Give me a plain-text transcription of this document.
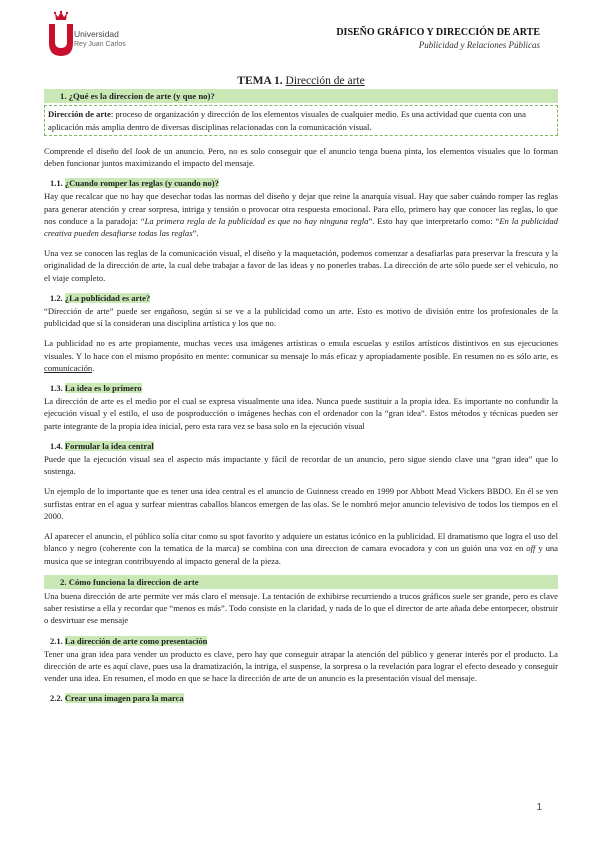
Universidad
Rey Juan Carlos
DISEÑO GRÁFICO Y DIRECCIÓN DE ARTE
Publicidad y Relaciones Públicas
TEMA 1. Dirección de arte
1. ¿Qué es la direccion de arte (y que no)?
Dirección de arte: proceso de organización y dirección de los elementos visuales de cualquier medio. Es una actividad que cuenta con una aplicación más amplia dentro de diversas disciplinas relacionadas con la comunicación visual.

Comprende el diseño del look de un anuncio. Pero, no es solo conseguir que el anuncio tenga buena pinta, los elementos visuales que lo forman deben funcionar juntos maximizando el impacto del mensaje.

1.1. ¿Cuando romper las reglas (y cuando no)?

Hay que recalcar que no hay que desechar todas las normas del diseño y dejar que reine la anarquía visual. Hay que saber cuándo romper las reglas para generar atención y crear sorpresa, intriga y tensión o provocar otra respuesta emocional. Para ello, primero hay que conocer las reglas, lo que nos conduce a la paradoja: “La primera regla de la publicidad es que no hay ninguna regla”. Esto hay que interpretarlo como: “En la publicidad creativa pueden desafiarse todas las reglas”.

Una vez se conocen las reglas de la comunicación visual, el diseño y la maquetación, podemos comenzar a desafiarlas para preservar la frescura y la originalidad de la dirección de arte, la cual debe trabajar a favor de las ideas y no ponerles trabas. La dirección de arte sólo puede ser el vehiculo, no el viaje completo.

1.2. ¿La publicidad es arte?

“Dirección de arte” puede ser engañoso, según si se ve a la publicidad como un arte. Esto es motivo de división entre los profesionales de la publicidad que sí la consideran una disciplina artística y los que no.

La publicidad no es arte propiamente, muchas veces usa imágenes artísticas o emula escuelas y estilos artísticos distintivos en sus ejecuciones visuales. Y lo hace con el mismo propósito en mente: comunicar su mensaje lo más eficaz y apropiadamente posible. En resumen no es sólo arte, es comunicación.

1.3. La idea es lo primero

La dirección de arte es el medio por el cual se expresa visualmente una idea. Nunca puede sustituir a la propia idea. Es importante no confundir la ejecución visual y el estilo, el uso de posproducción o imágenes hechas con el ordenador con la “gran idea”. Estos métodos y técnicas pueden ser parte integrante de la propia idea inicial, pero esta rara vez se basa solo en la ejecución visual

1.4. Formular la idea central

Puede que la ejecución visual sea el aspecto más impactante y fácil de recordar de un anuncio, pero sigue siendo clave una “gran idea” que lo sostenga.

Un ejemplo de lo importante que es tener una idea central es el anuncio de Guinness creado en 1999 por Abbott Mead Vickers BBDO. En él se ven surfistas entrar en el agua y surfear mientras caballos blancos emergen de las olas. Se le nombró mejor anuncio televisivo de todos los tiempos en el 2000.

Al aparecer el anuncio, el público solía citar como su spot favorito y adquiere un estatus icónico en la publicidad. El dramatismo que logra el uso del blanco y negro (coherente con la tematica de la marca) se combina con una direccion de camara evocadora y con un guión una voz en off y una musica que se integran contribuyendo al impacto general de la pieza.

2. Cómo funciona la direccion de arte

Una buena dirección de arte permite ver más claro el mensaje. La tentación de exhibirse recurriendo a trucos gráficos suele ser grande, pero es clave saber resistirse a ella y recordar que “menos es más”. Todo consiste en la claridad, y nada de lo que el director de arte añada debe entorpecer, obstruir o desvirtuar ese mensaje

2.1. La dirección de arte como presentación

Tener una gran idea para vender un producto es clave, pero hay que conseguir atrapar la atención del público y generar interés por el producto. La dirección de arte es aquí clave, pues usa la dramatización, la intriga, el suspense, la sorpresa o la revelación para lograr el efecto deseado y conseguir vender una idea. En resumen, el modo en que se hace la dirección de arte de un anuncio es la presentación visual del mensaje.

2.2. Crear una imagen para la marca
1
